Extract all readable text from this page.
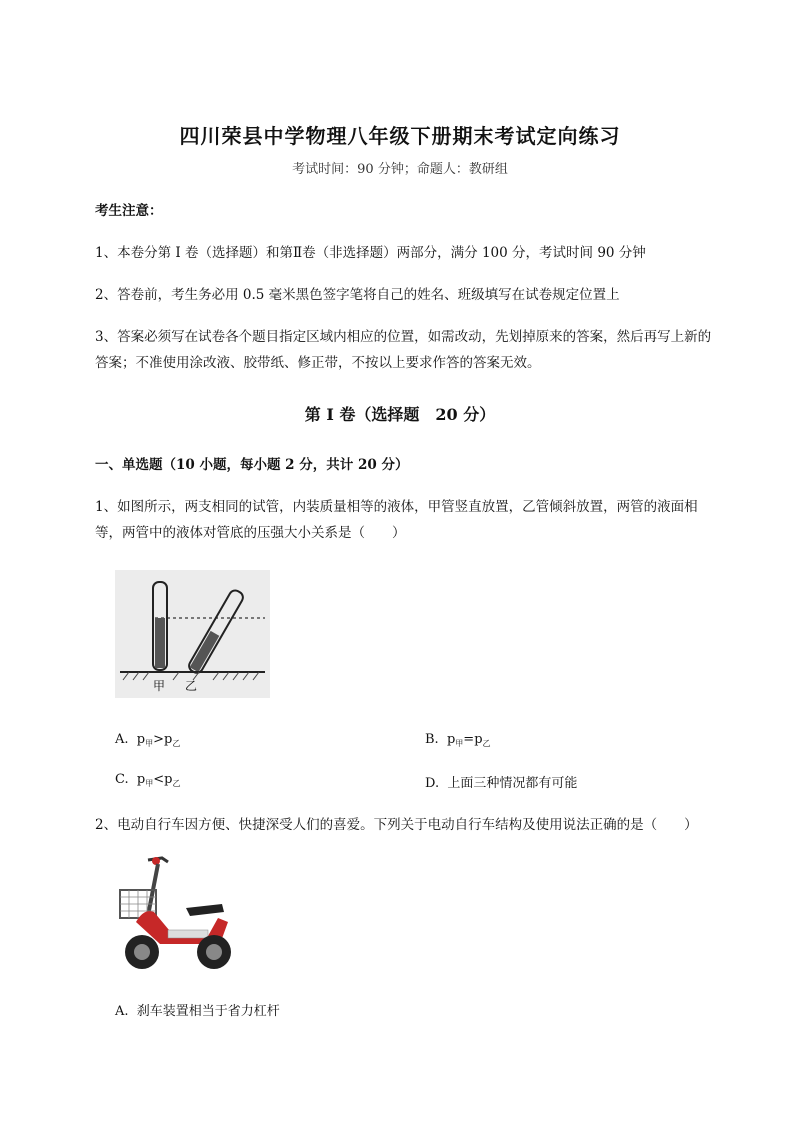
四川荣县中学物理八年级下册期末考试定向练习
考试时间：90 分钟；命题人：教研组
考生注意：
1、本卷分第 I 卷（选择题）和第Ⅱ卷（非选择题）两部分，满分 100 分，考试时间 90 分钟
2、答卷前，考生务必用 0.5 毫米黑色签字笔将自己的姓名、班级填写在试卷规定位置上
3、答案必须写在试卷各个题目指定区域内相应的位置，如需改动，先划掉原来的答案，然后再写上新的答案；不准使用涂改液、胶带纸、修正带，不按以上要求作答的答案无效。
第 I 卷（选择题　20 分）
一、单选题（10 小题，每小题 2 分，共计 20 分）
1、如图所示，两支相同的试管，内装质量相等的液体，甲管竖直放置，乙管倾斜放置，两管的液面相等，两管中的液体对管底的压强大小关系是（　　）
甲 乙
A. $p_甲>p_乙$	B. $p_甲=p_乙$
C. $p_甲<p_乙$	D. 上面三种情况都有可能
2、电动自行车因方便、快捷深受人们的喜爱。下列关于电动自行车结构及使用说法正确的是（　　）
A. 刹车装置相当于省力杠杆
